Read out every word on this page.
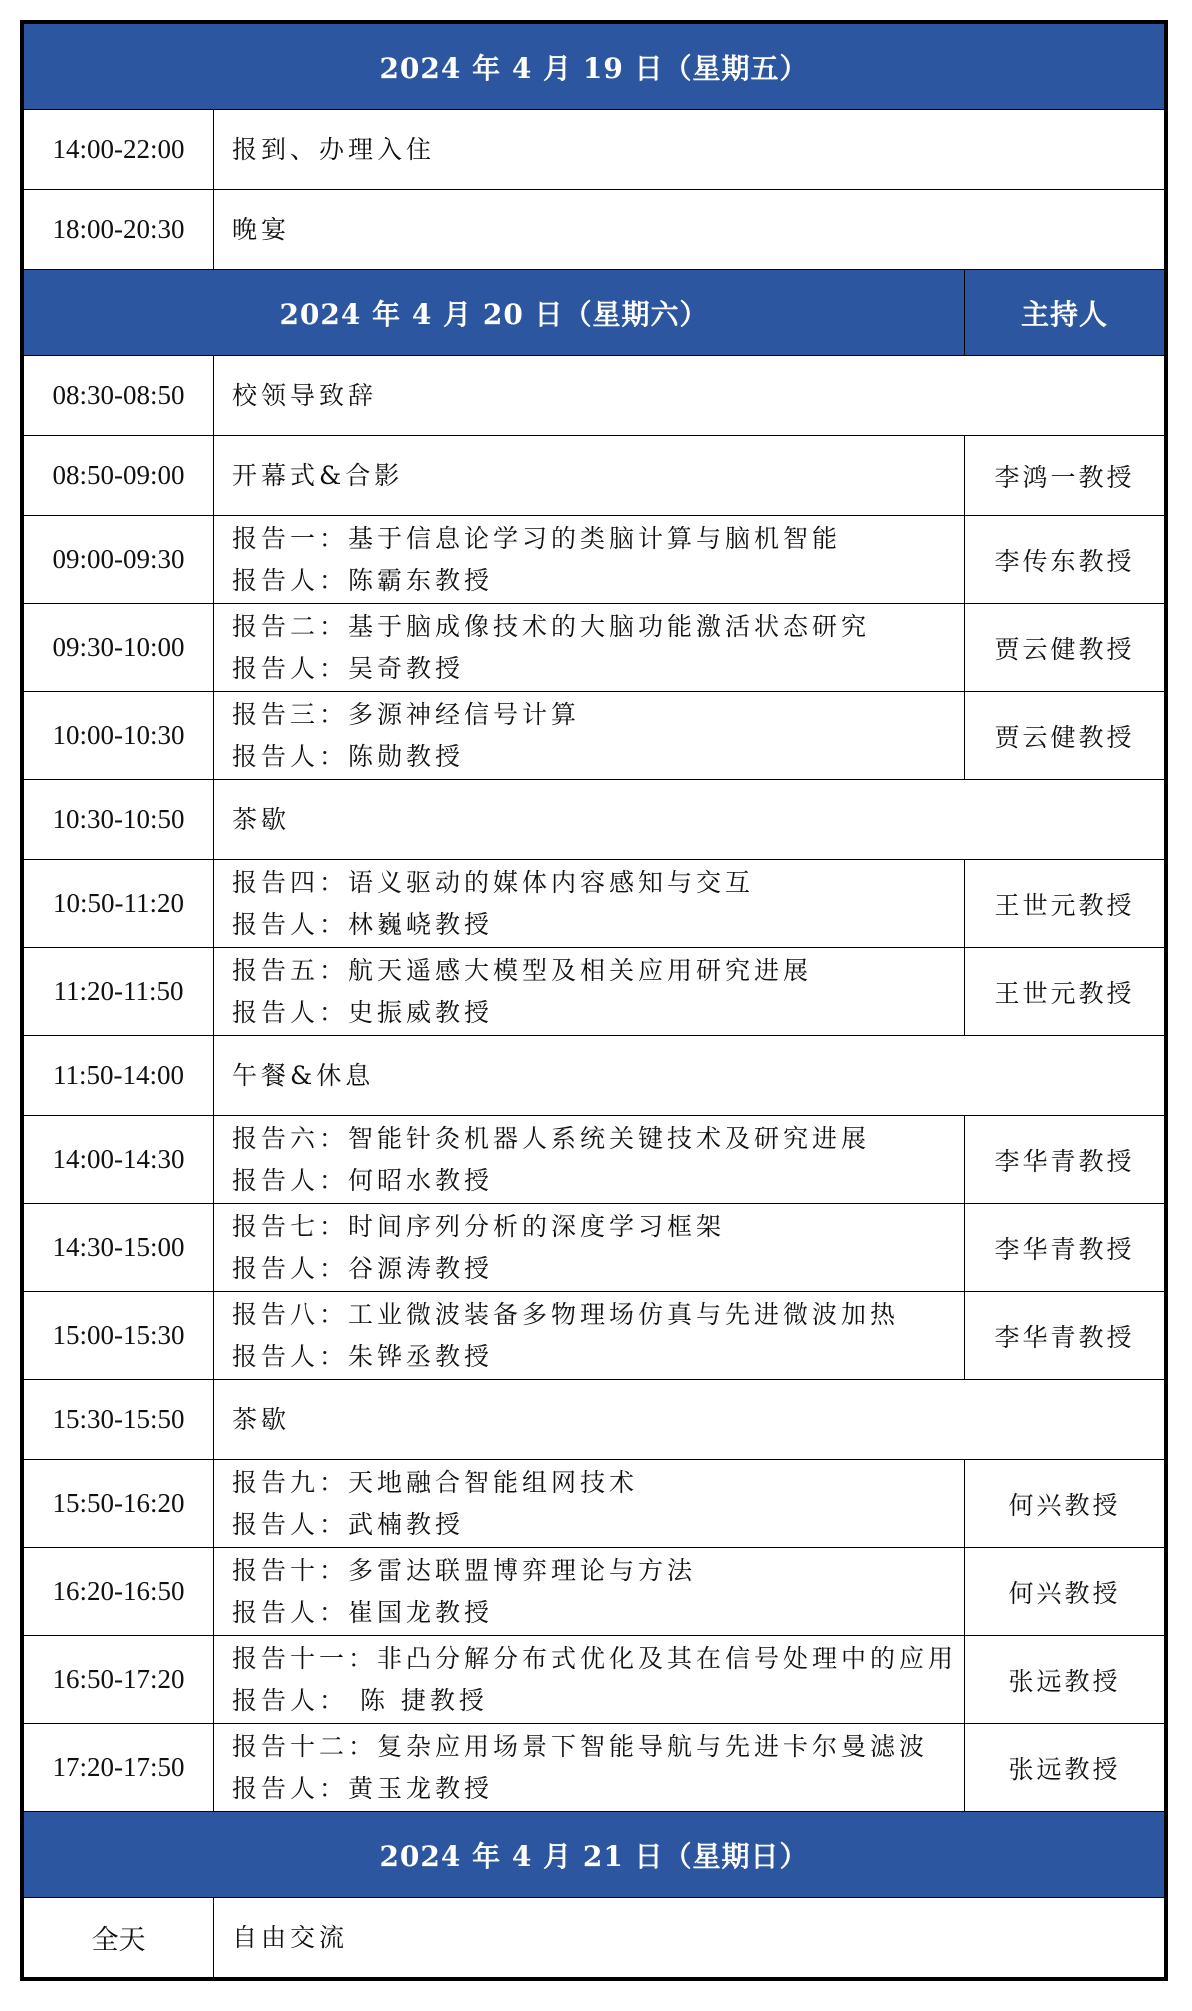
2024 年 4 月 19 日（星期五）		
14:00-22:00	报到、办理入住	

18:00-20:30	晚宴	

2024 年 4 月 20 日（星期六）		主持人
08:30-08:50	校领导致辞	

08:50-09:00	开幕式&合影	李鸿一教授
09:00-09:30	报告一：基于信息论学习的类脑计算与脑机智能
报告人：陈霸东教授	李传东教授
09:30-10:00	报告二：基于脑成像技术的大脑功能激活状态研究
报告人：吴奇教授	贾云健教授
10:00-10:30	报告三：多源神经信号计算
报告人：陈勋教授	贾云健教授
10:30-10:50	茶歇	

10:50-11:20	报告四：语义驱动的媒体内容感知与交互
报告人：林巍峣教授	王世元教授
11:20-11:50	报告五：航天遥感大模型及相关应用研究进展
报告人：史振威教授	王世元教授
11:50-14:00	午餐&休息	

14:00-14:30	报告六：智能针灸机器人系统关键技术及研究进展
报告人：何昭水教授	李华青教授
14:30-15:00	报告七：时间序列分析的深度学习框架
报告人：谷源涛教授	李华青教授
15:00-15:30	报告八：工业微波装备多物理场仿真与先进微波加热
报告人：朱铧丞教授	李华青教授
15:30-15:50	茶歇	

15:50-16:20	报告九：天地融合智能组网技术
报告人：武楠教授	何兴教授
16:20-16:50	报告十：多雷达联盟博弈理论与方法
报告人：崔国龙教授	何兴教授
16:50-17:20	报告十一：非凸分解分布式优化及其在信号处理中的应用
报告人： 陈 捷教授	张远教授
17:20-17:50	报告十二：复杂应用场景下智能导航与先进卡尔曼滤波
报告人：黄玉龙教授	张远教授
2024 年 4 月 21 日（星期日）		
全天	自由交流	
